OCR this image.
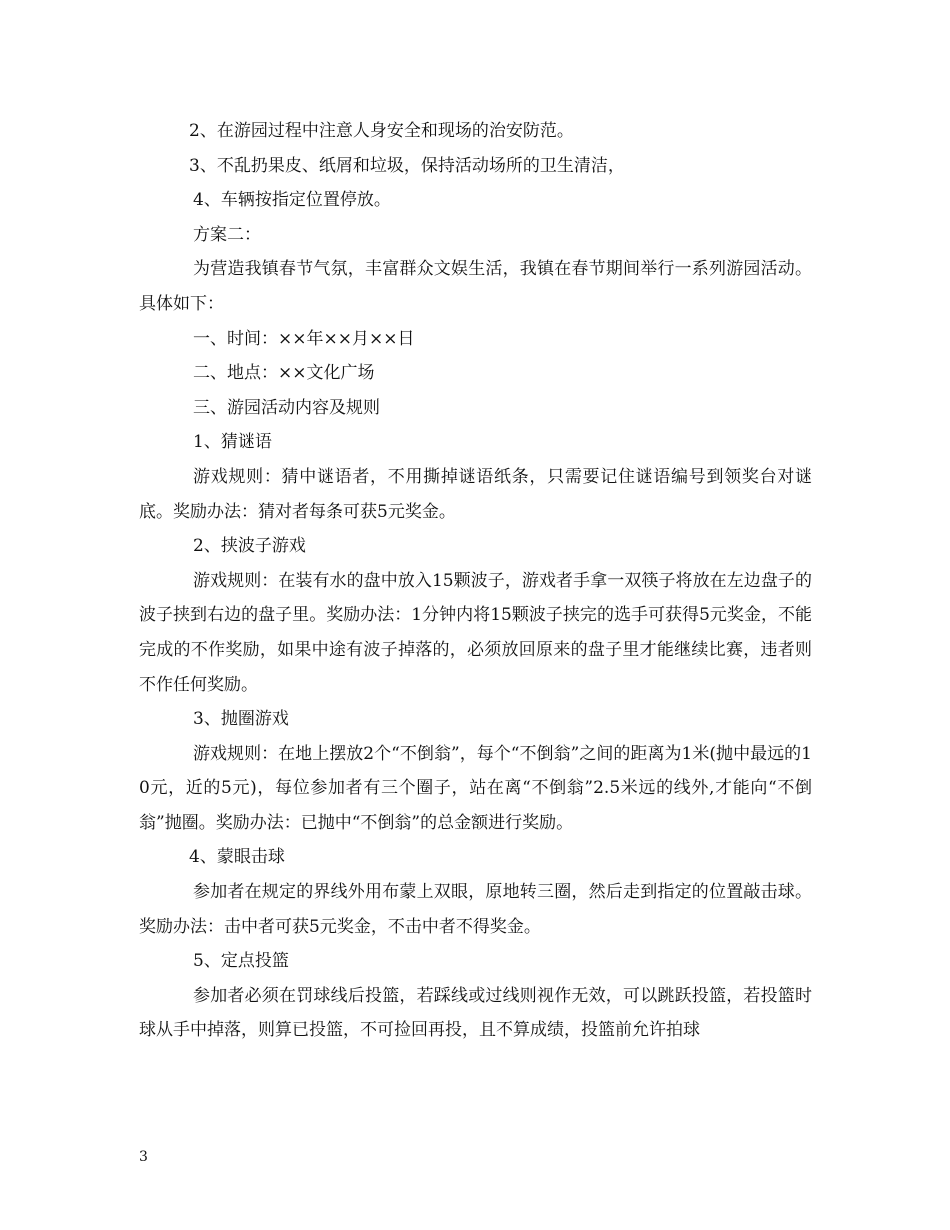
2、在游园过程中注意人身安全和现场的治安防范。

3、不乱扔果皮、纸屑和垃圾，保持活动场所的卫生清洁，

4、车辆按指定位置停放。

方案二：

为营造我镇春节气氛，丰富群众文娱生活，我镇在春节期间举行一系列游园活动。具体如下：

一、时间：××年××月××日

二、地点：××文化广场

三、游园活动内容及规则

1、猜谜语

游戏规则：猜中谜语者，不用撕掉谜语纸条，只需要记住谜语编号到领奖台对谜底。奖励办法：猜对者每条可获5元奖金。

2、挟波子游戏

游戏规则：在装有水的盘中放入15颗波子，游戏者手拿一双筷子将放在左边盘子的波子挟到右边的盘子里。奖励办法：1分钟内将15颗波子挟完的选手可获得5元奖金，不能完成的不作奖励，如果中途有波子掉落的，必须放回原来的盘子里才能继续比赛，违者则不作任何奖励。

3、抛圈游戏

游戏规则：在地上摆放2个“不倒翁”，每个“不倒翁”之间的距离为1米(抛中最远的10元，近的5元)，每位参加者有三个圈子，站在离“不倒翁”2.5米远的线外,才能向“不倒翁”抛圈。奖励办法：已抛中“不倒翁”的总金额进行奖励。

4、蒙眼击球

参加者在规定的界线外用布蒙上双眼，原地转三圈，然后走到指定的位置敲击球。奖励办法：击中者可获5元奖金，不击中者不得奖金。

5、定点投篮

参加者必须在罚球线后投篮，若踩线或过线则视作无效，可以跳跃投篮，若投篮时球从手中掉落，则算已投篮，不可捡回再投，且不算成绩，投篮前允许拍球

3
